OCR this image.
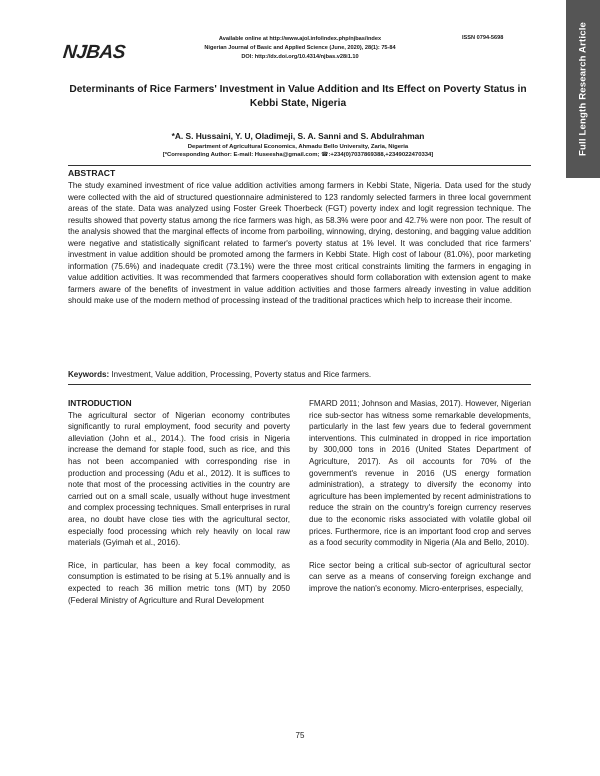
Full Length Research Article
NJBAS
Available online at http://www.ajol.info/index.php/njbas/index	ISSN 0794-5698
Nigerian Journal of Basic and Applied Science (June, 2020), 28(1): 75-84
DOI: http://dx.doi.org/10.4314/njbas.v28i1.10
Determinants of Rice Farmers' Investment in Value Addition and Its Effect on Poverty Status in Kebbi State, Nigeria
*A. S. Hussaini, Y. U, Oladimeji, S. A. Sanni and S. Abdulrahman
Department of Agricultural Economics, Ahmadu Bello University, Zaria, Nigeria
[*Corresponding Author: E-mail: Huseesha@gmail.com; ☎:+234(0)7037869388,+2349022470334]
ABSTRACT

The study examined investment of rice value addition activities among farmers in Kebbi State, Nigeria. Data used for the study were collected with the aid of structured questionnaire administered to 123 randomly selected farmers in three local government areas of the state. Data was analyzed using Foster Greek Thoerbeck (FGT) poverty index and logit regression technique. The results showed that poverty status among the rice farmers was high, as 58.3% were poor and 42.7% were non poor. The result of the analysis showed that the marginal effects of income from parboiling, winnowing, drying, destoning, and bagging value addition were negative and statistically significant related to farmer's poverty status at 1% level. It was concluded that rice farmers' investment in value addition should be promoted among the farmers in Kebbi State. High cost of labour (81.0%), poor marketing information (75.6%) and inadequate credit (73.1%) were the three most critical constraints limiting the farmers in engaging in value addition activities. It was recommended that farmers cooperatives should form collaboration with extension agent to make farmers aware of the benefits of investment in value addition activities and those farmers already investing in value addition should make use of the modern method of processing instead of the traditional practices which help to increase their income.

Keywords: Investment, Value addition, Processing, Poverty status and Rice farmers.

INTRODUCTION

The agricultural sector of Nigerian economy contributes significantly to rural employment, food security and poverty alleviation (John et al., 2014.). The food crisis in Nigeria increase the demand for staple food, such as rice, and this has not been accompanied with corresponding rise in production and processing (Adu et al., 2012). It is suffices to note that most of the processing activities in the country are carried out on a small scale, usually without huge investment and complex processing techniques. Small enterprises in rural area, no doubt have close ties with the agricultural sector, especially food processing which rely heavily on local raw materials (Gyimah et al., 2016).

Rice, in particular, has been a key focal commodity, as consumption is estimated to be rising at 5.1% annually and is expected to reach 36 million metric tons (MT) by 2050 (Federal Ministry of Agriculture and Rural Development

FMARD 2011; Johnson and Masias, 2017). However, Nigerian rice sub-sector has witness some remarkable developments, particularly in the last few years due to federal government interventions. This culminated in dropped in rice importation by 300,000 tons in 2016 (United States Department of Agriculture, 2017). As oil accounts for 70% of the government's revenue in 2016 (US energy formation administration), a strategy to diversify the economy into agriculture has been implemented by recent administrations to reduce the strain on the country's foreign currency reserves due to the economic risks associated with volatile global oil prices. Furthermore, rice is an important food crop and serves as a food security commodity in Nigeria (Ala and Bello, 2010).

Rice sector being a critical sub-sector of agricultural sector can serve as a means of conserving foreign exchange and improve the nation's economy. Micro-enterprises, especially,

75
